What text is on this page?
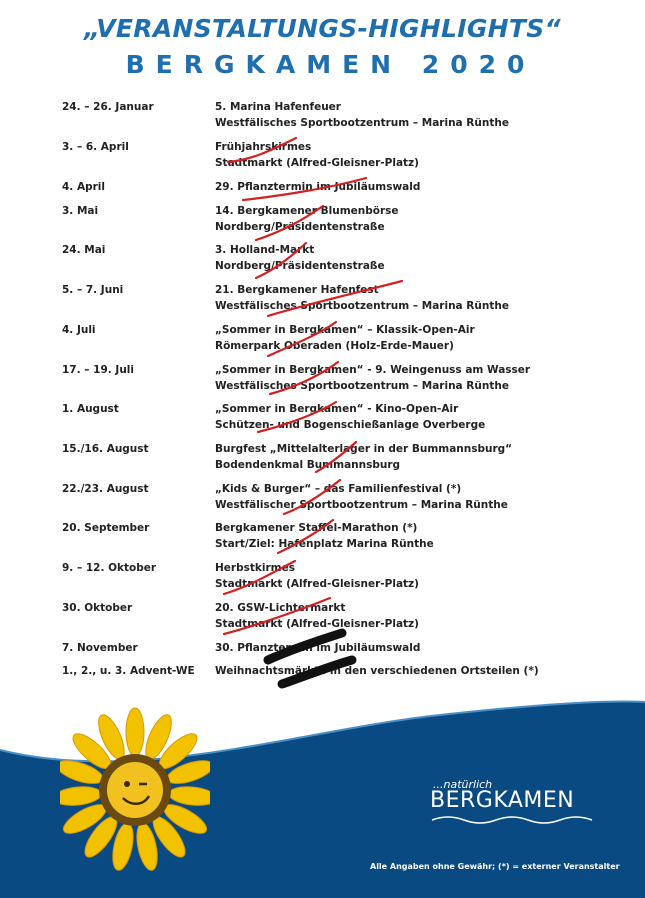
„VERANSTALTUNGS-HIGHLIGHTS“
BERGKAMEN 2020
24. – 26. Januar	5. Marina Hafenfeuer
Westfälisches Sportbootzentrum – Marina Rünthe
3. – 6. April	Frühjahrskirmes
Stadtmarkt (Alfred-Gleisner-Platz)
4. April	29. Pflanztermin im Jubiläumswald
3. Mai	14. Bergkamener Blumenbörse
Nordberg/Präsidentenstraße
24. Mai	3. Holland-Markt
Nordberg/Präsidentenstraße
5. – 7. Juni	21. Bergkamener Hafenfest
Westfälisches Sportbootzentrum – Marina Rünthe
4. Juli	„Sommer in Bergkamen“ – Klassik-Open-Air
Römerpark Oberaden (Holz-Erde-Mauer)
17. – 19. Juli	„Sommer in Bergkamen“ - 9. Weingenuss am Wasser
Westfälisches Sportbootzentrum – Marina Rünthe
1. August	„Sommer in Bergkamen“ - Kino-Open-Air
Schützen- und Bogenschießanlage Overberge
15./16. August	Burgfest „Mittelalterlager in der Bummannsburg“
Bodendenkmal Bummannsburg
22./23. August	„Kids & Burger“ – das Familienfestival (*)
Westfälischer Sportbootzentrum – Marina Rünthe
20. September	Bergkamener Staffel-Marathon (*)
Start/Ziel: Hafenplatz Marina Rünthe
9. – 12. Oktober	Herbstkirmes
Stadtmarkt (Alfred-Gleisner-Platz)
30. Oktober	20. GSW-Lichtermarkt
Stadtmarkt (Alfred-Gleisner-Platz)
7. November	30. Pflanztermin im Jubiläumswald
1., 2., u. 3. Advent-WE Weihnachtsmärkte in den verschiedenen Ortsteilen (*)
...natürlich
BERGKAMEN
Alle Angaben ohne Gewähr; (*) = externer Veranstalter
